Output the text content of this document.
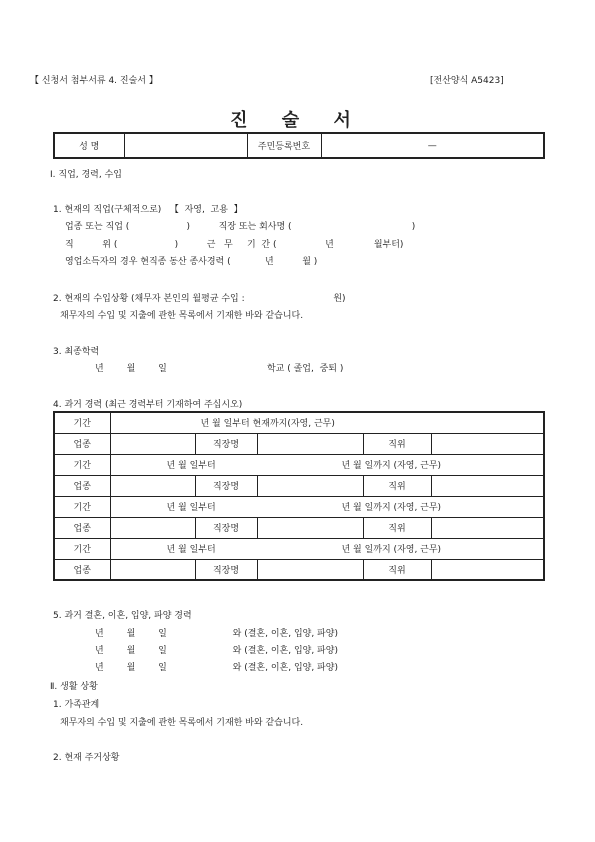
【 신청서 첨부서류 4. 진술서 】	[전산양식 A5423]
진 술 서
성 명		주민등록번호	—
Ⅰ. 직업, 경력, 수입
1. 현재의 직업(구체적으로)   【  자영,  고용  】
업종 또는 직업 (                    )          직장 또는 회사명 (                                          )
직          위 (                    )          근   무     기  간 (                 년              월부터)
영업소득자의 경우 현직종 동산 종사경력 (            년          월 )
2. 현재의 수입상황 (채무자 본인의 월평균 수입 :                               원)
채무자의 수입 및 지출에 관한 목록에서 기재한 바와 같습니다.
3. 최종학력
년        월        일                                   학교 ( 졸업,  중퇴 )
4. 과거 경력 (최근 경력부터 기재하여 주십시오)
기간	년 월 일부터 현재까지(자영, 근무)				
업종		직장명		직위	
기간	년 월 일부터 년 월 일까지 (자영, 근무)				
업종		직장명		직위	
기간	년 월 일부터 년 월 일까지 (자영, 근무)				
업종		직장명		직위	
기간	년 월 일부터 년 월 일까지 (자영, 근무)				
업종		직장명		직위	
5. 과거 결혼, 이혼, 입양, 파양 경력
년        월        일                       와 (결혼, 이혼, 입양, 파양)
년        월        일                       와 (결혼, 이혼, 입양, 파양)
년        월        일                       와 (결혼, 이혼, 입양, 파양)
Ⅱ. 생활 상황
1. 가족관계
채무자의 수입 및 지출에 관한 목록에서 기재한 바와 같습니다.
2. 현재 주거상황
